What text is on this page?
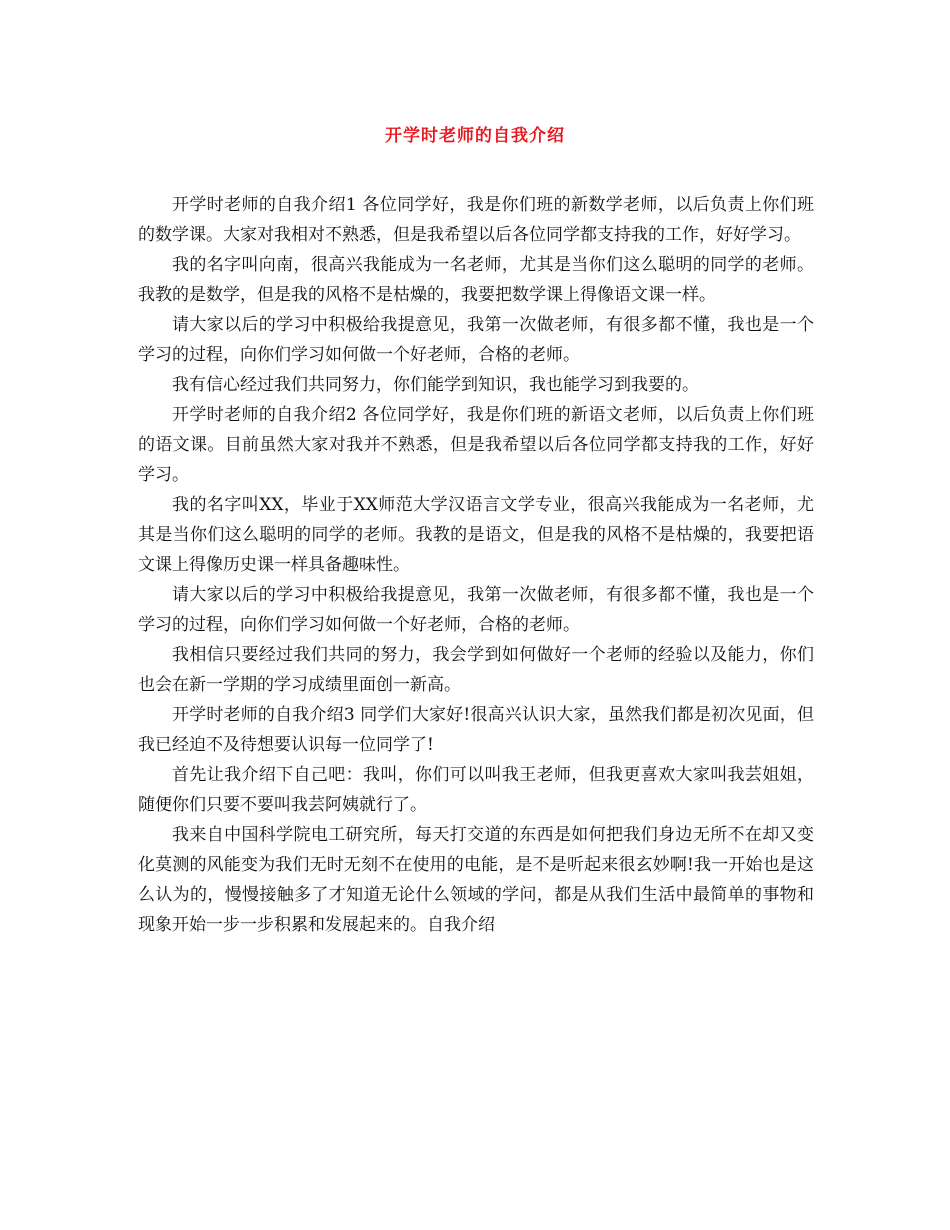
开学时老师的自我介绍

开学时老师的自我介绍1 各位同学好，我是你们班的新数学老师，以后负责上你们班的数学课。大家对我相对不熟悉，但是我希望以后各位同学都支持我的工作，好好学习。

我的名字叫向南，很高兴我能成为一名老师，尤其是当你们这么聪明的同学的老师。我教的是数学，但是我的风格不是枯燥的，我要把数学课上得像语文课一样。

请大家以后的学习中积极给我提意见，我第一次做老师，有很多都不懂，我也是一个学习的过程，向你们学习如何做一个好老师，合格的老师。

我有信心经过我们共同努力，你们能学到知识，我也能学习到我要的。

开学时老师的自我介绍2 各位同学好，我是你们班的新语文老师，以后负责上你们班的语文课。目前虽然大家对我并不熟悉，但是我希望以后各位同学都支持我的工作，好好学习。

我的名字叫XX，毕业于XX师范大学汉语言文学专业，很高兴我能成为一名老师，尤其是当你们这么聪明的同学的老师。我教的是语文，但是我的风格不是枯燥的，我要把语文课上得像历史课一样具备趣味性。

请大家以后的学习中积极给我提意见，我第一次做老师，有很多都不懂，我也是一个学习的过程，向你们学习如何做一个好老师，合格的老师。

我相信只要经过我们共同的努力，我会学到如何做好一个老师的经验以及能力，你们也会在新一学期的学习成绩里面创一新高。

开学时老师的自我介绍3 同学们大家好!很高兴认识大家，虽然我们都是初次见面，但我已经迫不及待想要认识每一位同学了!

首先让我介绍下自己吧：我叫，你们可以叫我王老师，但我更喜欢大家叫我芸姐姐，随便你们只要不要叫我芸阿姨就行了。

我来自中国科学院电工研究所，每天打交道的东西是如何把我们身边无所不在却又变化莫测的风能变为我们无时无刻不在使用的电能，是不是听起来很玄妙啊!我一开始也是这么认为的，慢慢接触多了才知道无论什么领域的学问，都是从我们生活中最简单的事物和现象开始一步一步积累和发展起来的。自我介绍
